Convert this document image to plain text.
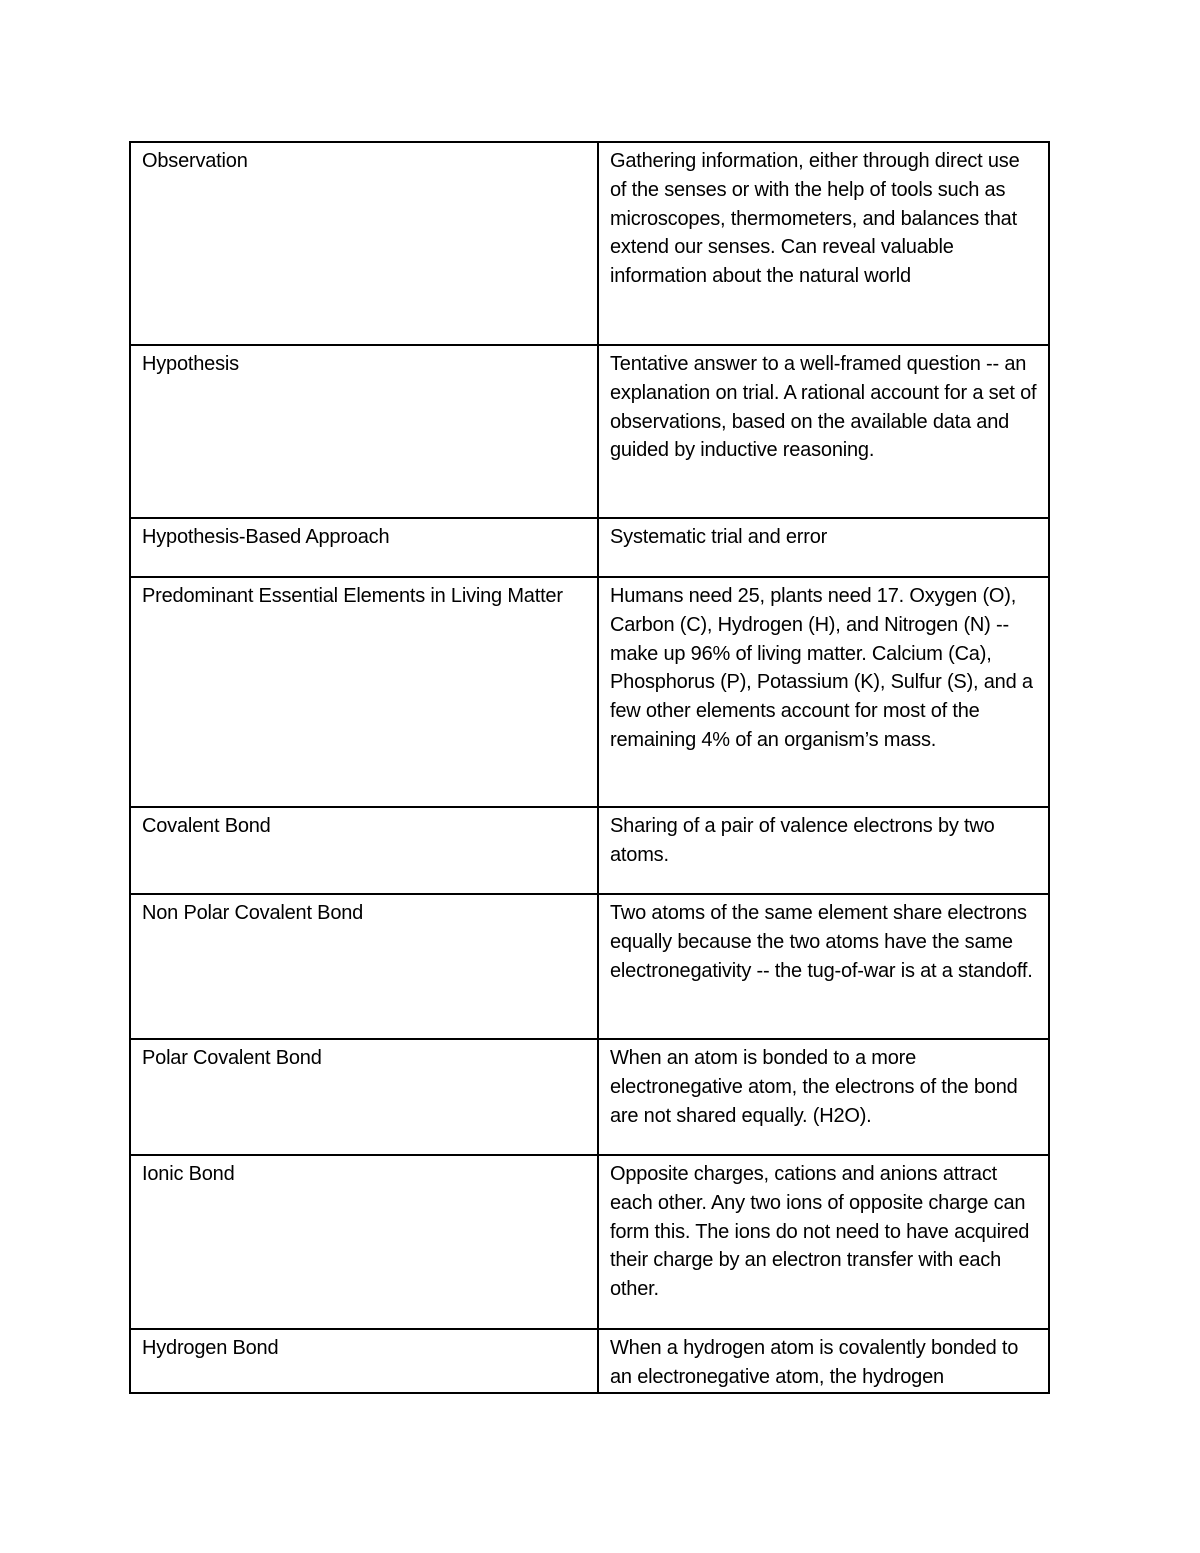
Observation	Gathering information, either through direct use of the senses or with the help of tools such as microscopes, thermometers, and balances that extend our senses. Can reveal valuable information about the natural world

Hypothesis	Tentative answer to a well-framed question -- an explanation on trial. A rational account for a set of observations, based on the available data and guided by inductive reasoning.

Hypothesis-Based Approach	Systematic trial and error

Predominant Essential Elements in Living Matter	Humans need 25, plants need 17. Oxygen (O), Carbon (C), Hydrogen (H), and Nitrogen (N) -- make up 96% of living matter. Calcium (Ca), Phosphorus (P), Potassium (K), Sulfur (S), and a few other elements account for most of the remaining 4% of an organism’s mass.

Covalent Bond	Sharing of a pair of valence electrons by two atoms.

Non Polar Covalent Bond	Two atoms of the same element share electrons equally because the two atoms have the same electronegativity -- the tug-of-war is at a standoff.

Polar Covalent Bond	When an atom is bonded to a more electronegative atom, the electrons of the bond are not shared equally. (H2O).

Ionic Bond	Opposite charges, cations and anions attract each other. Any two ions of opposite charge can form this. The ions do not need to have acquired their charge by an electron transfer with each other.

Hydrogen Bond	When a hydrogen atom is covalently bonded to an electronegative atom, the hydrogen
